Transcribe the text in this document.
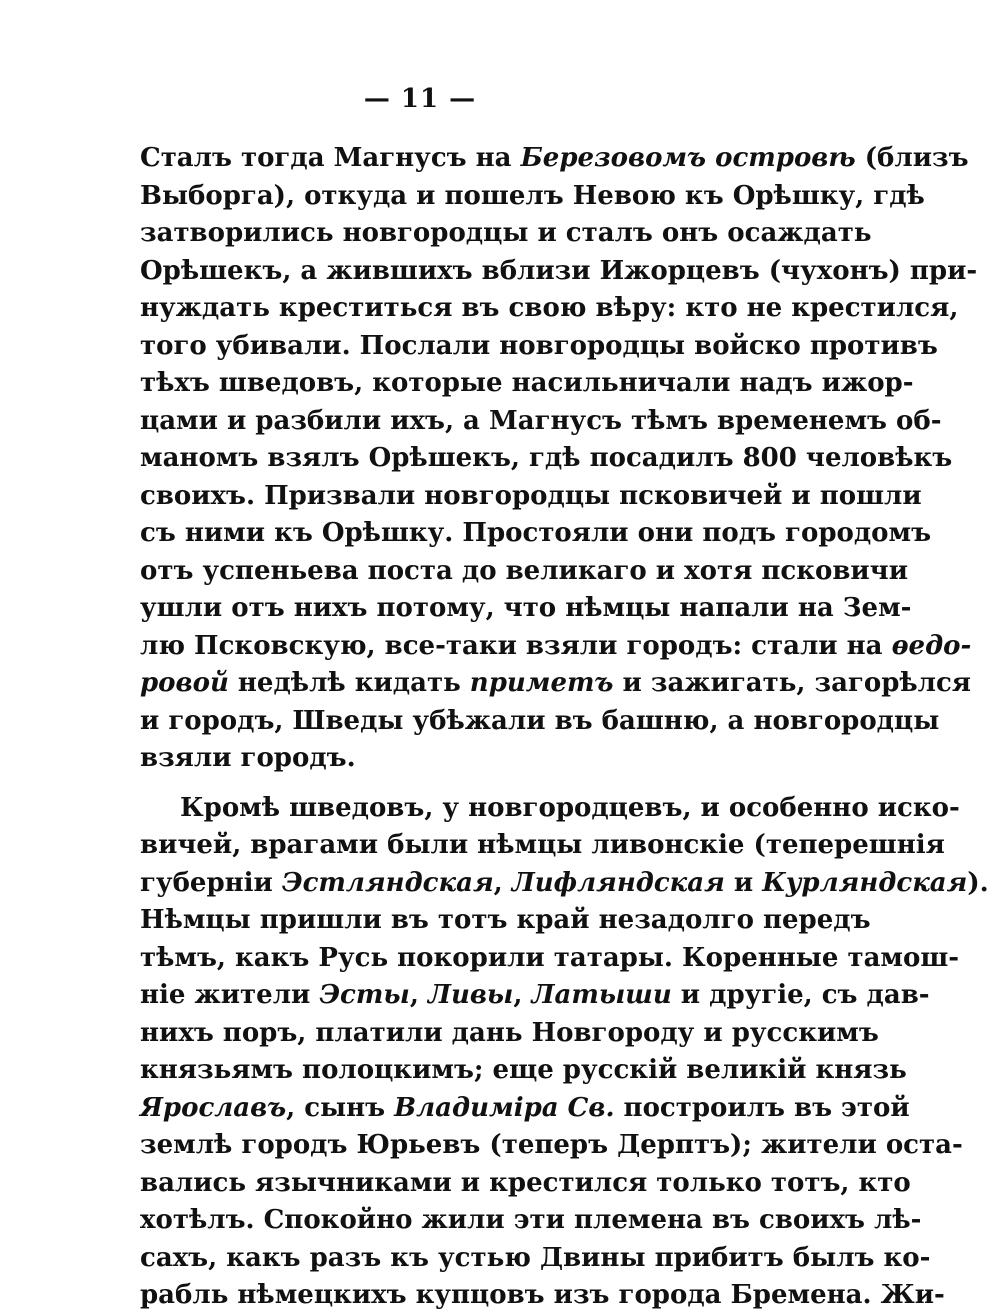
— 11 —
Сталъ тогда Магнусъ на Березовомъ островѣ (близъ
Выборга), откуда и пошелъ Невою къ Орѣшку, гдѣ
затворились новгородцы и сталъ онъ осаждать
Орѣшекъ, а жившихъ вблизи Ижорцевъ (чухонъ) при-
нуждать креститься въ свою вѣру: кто не крестился,
того убивали. Послали новгородцы войско противъ
тѣхъ шведовъ, которые насильничали надъ ижор-
цами и разбили ихъ, а Магнусъ тѣмъ временемъ об-
маномъ взялъ Орѣшекъ, гдѣ посадилъ 800 человѣкъ
своихъ. Призвали новгородцы псковичей и пошли
съ ними къ Орѣшку. Простояли они подъ городомъ
отъ успеньева поста до великаго и хотя псковичи
ушли отъ нихъ потому, что нѣмцы напали на Зем-
лю Псковскую, все-таки взяли городъ: стали на ѳедо-
ровой недѣлѣ кидать приметъ и зажигать, загорѣлся
и городъ, Шведы убѣжали въ башню, а новгородцы
взяли городъ.
Кромѣ шведовъ, у новгородцевъ, и особенно иско-
вичей, врагами были нѣмцы ливонскіе (теперешнія
губерніи Эстляндская, Лифляндская и Курляндская).
Нѣмцы пришли въ тотъ край незадолго передъ
тѣмъ, какъ Русь покорили татары. Коренные тамош-
ніе жители Эсты, Ливы, Латыши и другіе, съ дав-
нихъ поръ, платили дань Новгороду и русскимъ
князьямъ полоцкимъ; еще русскій великій князь
Ярославъ, сынъ Владиміра Св. построилъ въ этой
землѣ городъ Юрьевъ (теперъ Дерптъ); жители оста-
вались язычниками и крестился только тотъ, кто
хотѣлъ. Спокойно жили эти племена въ своихъ лѣ-
сахъ, какъ разъ къ устью Двины прибитъ былъ ко-
рабль нѣмецкихъ купцовъ изъ города Бремена. Жи-
